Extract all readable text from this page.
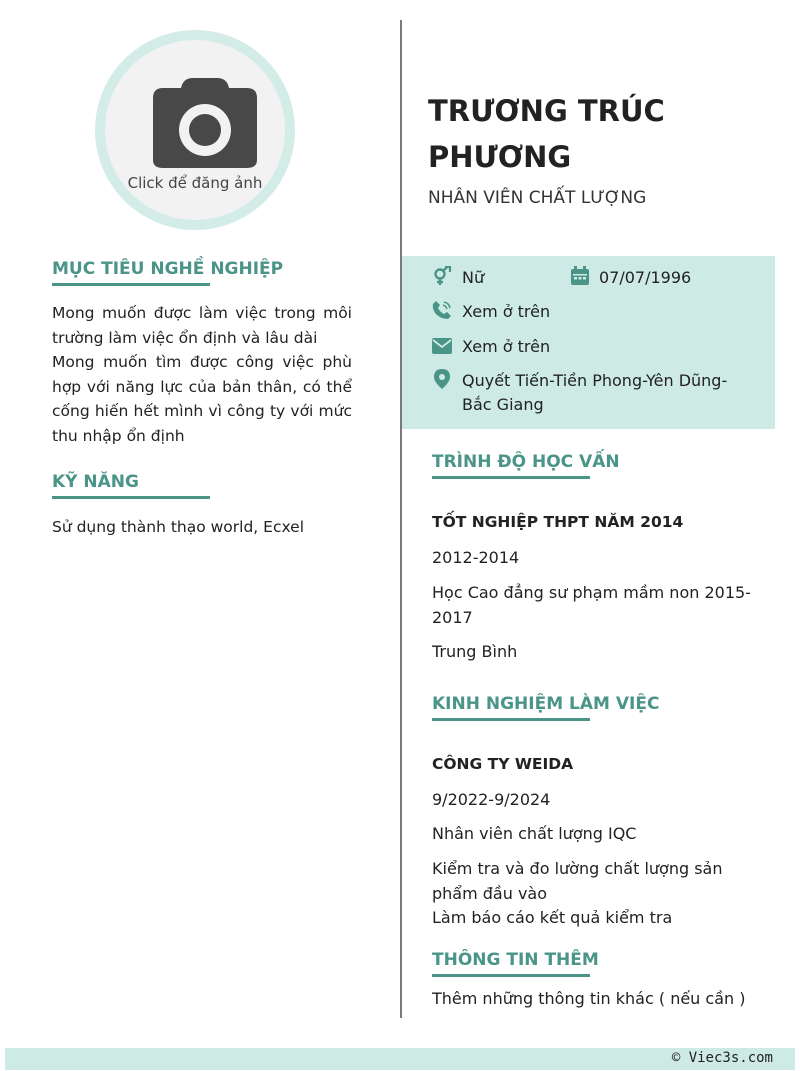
Click để đăng ảnh
MỤC TIÊU NGHỀ NGHIỆP
Mong muốn được làm việc trong môi trường làm việc ổn định và lâu dài
Mong muốn tìm được công việc phù hợp với năng lực của bản thân, có thể cống hiến hết mình vì công ty với mức thu nhập ổn định
KỸ NĂNG
Sử dụng thành thạo world, Ecxel
TRƯƠNG TRÚC PHƯƠNG
NHÂN VIÊN CHẤT LƯỢNG
Nữ	07/07/1996
Xem ở trên
Xem ở trên
Quyết Tiến-Tiền Phong-Yên Dũng-Bắc Giang
TRÌNH ĐỘ HỌC VẤN
TỐT NGHIỆP THPT NĂM 2014
2012-2014
Học Cao đẳng sư phạm mầm non 2015-2017
Trung Bình
KINH NGHIỆM LÀM VIỆC
CÔNG TY WEIDA
9/2022-9/2024
Nhân viên chất lượng IQC
Kiểm tra và đo lường chất lượng sản phẩm đầu vào
Làm báo cáo kết quả kiểm tra
THÔNG TIN THÊM
Thêm những thông tin khác ( nếu cần )
© Viec3s.com
